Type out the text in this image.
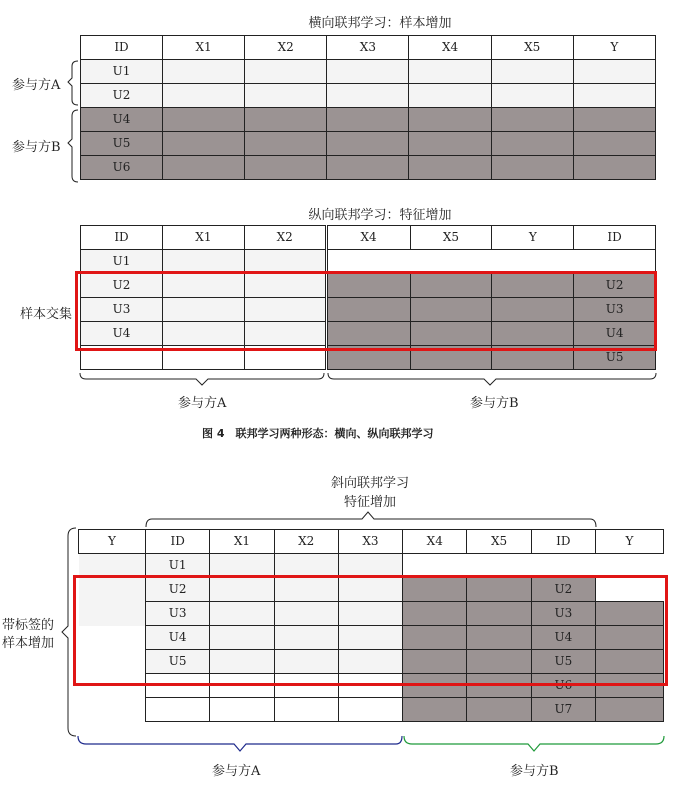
横向联邦学习：样本增加
ID	X1	X2	X3	X4	X5	Y
U1						
U2						
U4						
U5						
U6						
参与方A
参与方B
纵向联邦学习：特征增加
ID	X1	X2	X4	X5	Y	ID
U1						
U2						U2
U3						U3
U4						U4
						U5
样本交集
参与方A	参与方B
图 4　联邦学习两种形态：横向、纵向联邦学习
斜向联邦学习
特征增加
Y	ID	X1	X2	X3	X4	X5	ID	Y
	U1							
	U2						U2	
	U3						U3	
	U4						U4	
	U5						U5	
							U6	
							U7	
带标签的
样本增加
参与方A	参与方B
